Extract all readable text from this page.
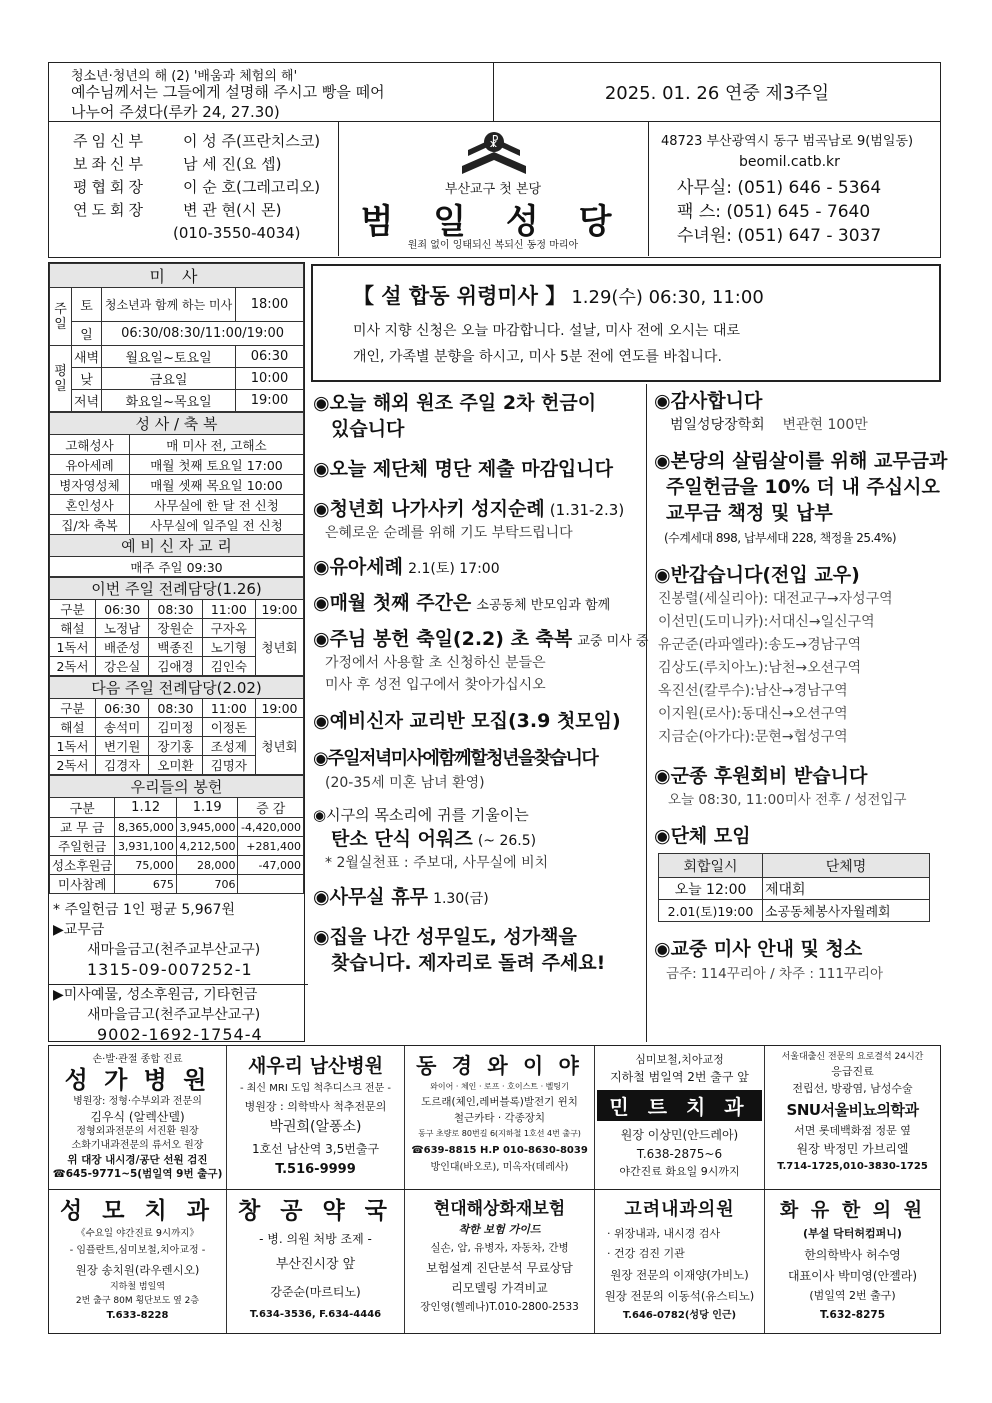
청소년·청년의 해 (2) '배움과 체험의 해'
예수님께서는 그들에게 설명해 주시고 빵을 떼어
나누어 주셨다(루카 24, 27.30)
2025. 01. 26 연중 제3주일
주임신부 이 성 주(프란치스코)
보좌신부 남 세 진(요 셉)
평협회장 이 순 호(그레고리오)
연도회장 변 관 현(시 몬)
(010-3550-4034)
☧
부산교구 첫 본당
범 일 성 당
원죄 없이 잉태되신 복되신 동정 마리아
48723 부산광역시 동구 범곡남로 9(범일동)
beomil.catb.kr
사무실: (051) 646 - 5364
팩 스: (051) 645 - 7640
수녀원: (051) 647 - 3037
미 사			
주일	토	청소년과 함께 하는 미사	18:00
	일	06:30/08:30/11:00/19:00	
평일	새벽	월요일~토요일	06:30
	낮	금요일	10:00
	저녁	화요일~목요일	19:00
성 사 / 축 복	
고해성사	매 미사 전, 고해소
유아세례	매월 첫째 토요일 17:00
병자영성체	매월 셋째 목요일 10:00
혼인성사	사무실에 한 달 전 신청
집/차 축복	사무실에 일주일 전 신청
예 비 신 자 교 리	
매주 주일 09:30	
이번 주일 전례담당(1.26)				
구분	06:30	08:30	11:00	19:00
해설	노정남	장원순	구자옥	청년회
1독서	배준성	백종진	노기형	
2독서	강은실	김애경	김인숙	
다음 주일 전례담당(2.02)				
구분	06:30	08:30	11:00	19:00
해설	송석미	김미정	이정돈	청년회
1독서	변기원	장기홍	조성제	
2독서	김경자	오미환	김명자	
우리들의 봉헌			
구분	1.12	1.19	증 감
교 무 금	8,365,000	3,945,000	-4,420,000
주일헌금	3,931,100	4,212,500	+281,400
성소후원금	75,000	28,000	-47,000
미사참례	675	706	
* 주일헌금 1인 평균 5,967원
▶교무금
새마을금고(천주교부산교구)
1315-09-007252-1
▶미사예물, 성소후원금, 기타헌금
새마을금고(천주교부산교구)
9002-1692-1754-4
【 설 합동 위령미사 】 1.29(수) 06:30, 11:00
미사 지향 신청은 오늘 마감합니다. 설날, 미사 전에 오시는 대로
개인, 가족별 분향을 하시고, 미사 5분 전에 연도를 바칩니다.

◉오늘 해외 원조 주일 2차 헌금이

있습니다

◉오늘 제단체 명단 제출 마감입니다

◉청년회 나가사키 성지순례 (1.31-2.3)

은혜로운 순례를 위해 기도 부탁드립니다

◉유아세례 2.1(토) 17:00

◉매월 첫째 주간은 소공동체 반모임과 함께

◉주님 봉헌 축일(2.2) 초 축복 교중 미사 중

가정에서 사용할 초 신청하신 분들은

미사 후 성전 입구에서 찾아가십시오

◉예비신자 교리반 모집(3.9 첫모임)

◉주일저녁미사에함께할청년을찾습니다

(20-35세 미혼 남녀 환영)

◉시구의 목소리에 귀를 기울이는

탄소 단식 어워즈 (~ 26.5)

* 2월실천표 : 주보대, 사무실에 비치

◉사무실 휴무 1.30(금)

◉집을 나간 성무일도, 성가책을

찾습니다. 제자리로 돌려 주세요!

◉감사합니다

범일성당장학회 변관현 100만

◉본당의 살림살이를 위해 교무금과

주일헌금을 10% 더 내 주십시오

교무금 책정 및 납부

(수계세대 898, 납부세대 228, 책정율 25.4%)

◉반갑습니다(전입 교우)

진봉렬(세실리아): 대전교구→자성구역
이선민(도미니카):서대신→일신구역
유군준(라파엘라):송도→경남구역
김상도(루치아노):남천→오션구역
옥진선(칼루수):남산→경남구역
이지원(로사):동대신→오션구역
지금순(아가다):문현→협성구역

◉군종 후원회비 받습니다

오늘 08:30, 11:00미사 전후 / 성전입구

◉단체 모임

회합일시	단체명
오늘 12:00	제대회
2.01(토)19:00	소공동체봉사자월례회

◉교중 미사 안내 및 청소

금주: 114꾸리아 / 차주 : 111꾸리아

손·발·관절 종합 진료
성 가 병 원
병원장: 정형·수부외과 전문의
김우식 (알렉산델)
정형외과전문의 서진환 원장
소화기내과전문의 류서오 원장
위 대장 내시경/공단 선원 검진
☎645-9771~5(범일역 9번 출구)
새우리 남산병원
- 최신 MRI 도입 척추디스크 전문 -
병원장 : 의학박사 척추전문의
박권희(알퐁소)
1호선 남산역 3,5번출구
T.516-9999
동 경 와 이 야
와이어 · 체인 · 로프 · 호이스트 · 벨팅기
도르래(체인,레버블록)발전기 윈치
철근카타 · 각종장치
동구 초량로 80번길 6(지하철 1호선 4번 출구)
☎639-8815 H.P 010-8630-8039
방인대(바오로), 미옥자(데레사)
심미보철,치아교정
지하철 범일역 2번 출구 앞
민 트 치 과
원장 이상민(안드레아)
T.638-2875~6
야간진료 화요일 9시까지
서울대출신 전문의 요로결석 24시간
응급진료
전립선, 방광염, 남성수술
SNU서울비뇨의학과
서면 롯데백화점 정문 옆
원장 박정민 가브리엘
T.714-1725,010-3830-1725
성 모 치 과
《수요일 야간진료 9시까지》
- 임플란트,심미보철,치아교정 -
원장 송치원(라우렌시오)
지하철 범일역
2번 출구 80M 횡단보도 옆 2층
T.633-8228
창 공 약 국
- 병. 의원 처방 조제 -
부산진시장 앞
강준순(마르티노)
T.634-3536, F.634-4446
현대해상화재보험
착한 보험 가이드
실손, 암, 유병자, 자동차, 간병
보험설계 진단분석 무료상담
리모델링 가격비교
장인영(헬레나)T.010-2800-2533
고려내과의원
· 위장내과, 내시경 검사
· 건강 검진 기관
원장 전문의 이재양(가비노)
원장 전문의 이동석(유스티노)
T.646-0782(성당 인근)
화 유 한 의 원
(부설 닥터허컴퍼니)
한의학박사 허수영
대표이사 박미영(안젤라)
(범일역 2번 출구)
T.632-8275
